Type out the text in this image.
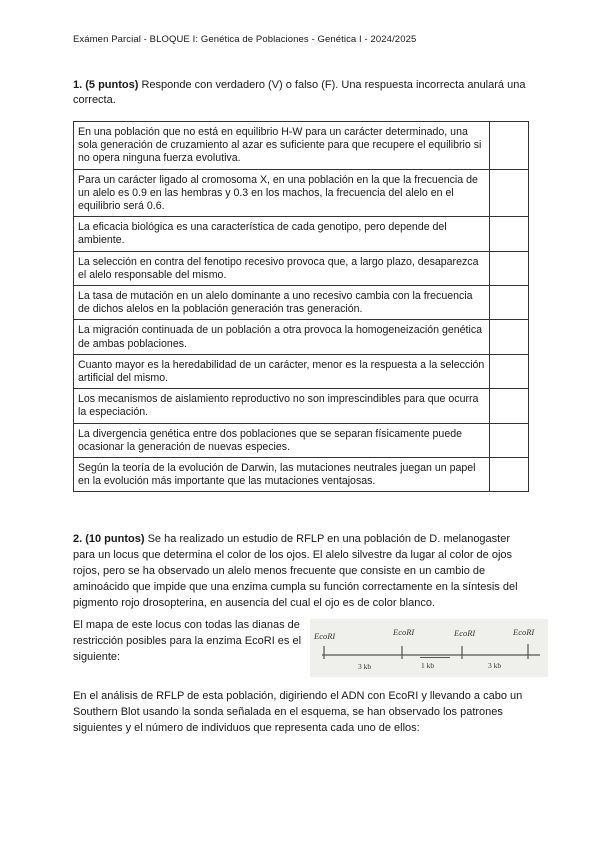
Exámen Parcial - BLOQUE I: Genética de Poblaciones - Genética I - 2024/2025
1. (5 puntos) Responde con verdadero (V) o falso (F). Una respuesta incorrecta anulará una correcta.
En una población que no está en equilibrio H-W para un carácter determinado, una sola generación de cruzamiento al azar es suficiente para que recupere el equilibrio si no opera ninguna fuerza evolutiva.	
Para un carácter ligado al cromosoma X, en una población en la que la frecuencia de un alelo es 0.9 en las hembras y 0.3 en los machos, la frecuencia del alelo en el equilibrio será 0.6.	
La eficacia biológica es una característica de cada genotipo, pero depende del ambiente.	
La selección en contra del fenotipo recesivo provoca que, a largo plazo, desaparezca el alelo responsable del mismo.	
La tasa de mutación en un alelo dominante a uno recesivo cambia con la frecuencia de dichos alelos en la población generación tras generación.	
La migración continuada de un población a otra provoca la homogeneización genética de ambas poblaciones.	
Cuanto mayor es la heredabilidad de un carácter, menor es la respuesta a la selección artificial del mismo.	
Los mecanismos de aislamiento reproductivo no son imprescindibles para que ocurra la especiación.	
La divergencia genética entre dos poblaciones que se separan físicamente puede ocasionar la generación de nuevas especies.	
Según la teoría de la evolución de Darwin, las mutaciones neutrales juegan un papel en la evolución más importante que las mutaciones ventajosas.	
2. (10 puntos) Se ha realizado un estudio de RFLP en una población de D. melanogaster para un locus que determina el color de los ojos. El alelo silvestre da lugar al color de ojos rojos, pero se ha observado un alelo menos frecuente que consiste en un cambio de aminoácido que impide que una enzima cumpla su función correctamente en la síntesis del pigmento rojo drosopterina, en ausencia del cual el ojo es de color blanco.
El mapa de este locus con todas las dianas de restricción posibles para la enzima EcoRI es el siguiente:
EcoRI	EcoRI	EcoRI	EcoRI
3 kb	1 kb	3 kb
En el análisis de RFLP de esta población, digiriendo el ADN con EcoRI y llevando a cabo un Southern Blot usando la sonda señalada en el esquema, se han observado los patrones siguientes y el número de individuos que representa cada uno de ellos:
